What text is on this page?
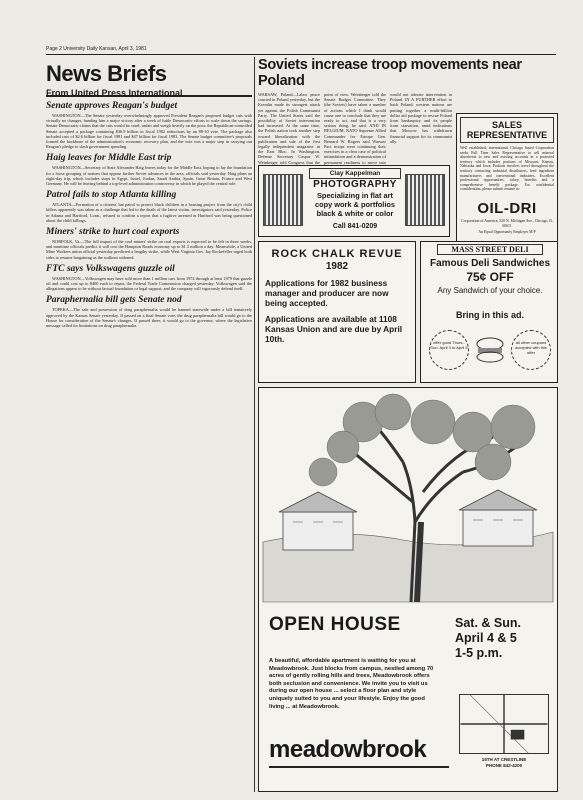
Page 2 University Daily Kansan, April 3, 1981
News Briefs
From United Press International
Senate approves Reagan's budget

WASHINGTON—The Senate yesterday overwhelmingly approved President Reagan's proposed budget cuts with virtually no changes, handing him a major victory after a week of futile Democratic efforts to scale down the savings. Senate Democratic claims that the cuts would be cruel, unfair and weigh heavily on the poor, the Republican-controlled Senate accepted a package containing $36.9 billion in fiscal 1982 reductions by an 88-10 vote. The package also included cuts of $2.6 billion for fiscal 1981 and $47 billion for fiscal 1983. The Senate budget committee's proposals formed the backbone of the administration's economic recovery plan, and the vote was a major step in carrying out Reagan's pledge to slash government spending.

Haig leaves for Middle East trip

WASHINGTON—Secretary of State Alexander Haig leaves today for the Middle East, hoping to lay the foundation for a loose grouping of nations that oppose further Soviet advances in the area, officials said yesterday. Haig plans an eight-day trip, which includes stops in Egypt, Israel, Jordan, Saudi Arabia, Spain, Great Britain, France and West Germany. He will be leaving behind a top-level administration controversy in which he played the central role.

Patrol fails to stop Atlanta killing

ATLANTA—Formation of a citizens' bat patrol to protect black children in a housing project from the city's child killers apparently was taken as a challenge that led to the death of the latest victim, investigators said yesterday. Police in Atlanta and Hartford, Conn., refused to confirm a report that a fugitive arrested in Hartford was being questioned about the child killings.

Miners' strike to hurt coal exports

NORFOLK, Va.—The full impact of the coal miners' strike on coal exports is expected to be felt in three weeks, and maritime officials predict it will cost the Hampton Roads economy up to $1.3 million a day. Meanwhile, a United Mine Workers union official yesterday predicted a lengthy strike, while West Virginia Gov. Jay Rockefeller urged both sides to resume bargaining as the walkout widened.

FTC says Volkswagens guzzle oil

WASHINGTON—Volkswagen may have sold more than 1 million cars from 1974 through at least 1979 that guzzle oil and could cost up to $400 each to repair, the Federal Trade Commission charged yesterday. Volkswagen said the allegations appear to be without factual foundation or legal support, and the company will vigorously defend itself.

Paraphernalia bill gets Senate nod

TOPEKA—The sale and possession of drug paraphernalia would be banned statewide under a bill tentatively approved by the Kansas Senate yesterday. If passed on a final Senate vote, the drug paraphernalia bill would go to the House for consideration of the Senate's changes. If passed there, it would go to the governor, where the legislative message called for limitations on drug paraphernalia.

Soviets increase troop movements near Poland
WARSAW, Poland—Labor peace courted in Poland yesterday, but the Kremlin made its strongest attack yet against the Polish Communist Party. The United States said the possibility of Soviet intervention had increased. At the same time, the Polish nation took another step toward liberalization with the publication and sale of the first legally independent magazine in the East Bloc. In Washington, Defense Secretary Caspar W. Weinberger told Congress that the
point of view, Weinberger told the Senate Budget Committee. They (the Soviets) have taken a number of actions which I think would cause one to conclude that they are ready to act, and that is a very serious thing, he said. AND IN BELGIUM, NATO Supreme Allied Commander for Europe Gen. Bernard W. Rogers said Warsaw Pact troops were continuing their exercises in a clear case of political intimidation and a demonstration of permanent readiness to move into
would not tolerate intervention in Poland. IN A FURTHER effort to back Poland, western nations are putting together a multi-billion dollar aid package to rescue Poland from bankruptcy and its people from starvation, amid indications that Moscow has withdrawn financial support for its communist ally.
SALES
REPRESENTATIVE
Well established, international Chicago based Corporation seeks Full Time Sales Representative to sell mineral absorbents to new and existing accounts in a protected territory which includes portions of Missouri, Kansas, Nebraska and Iowa. Position involves travel throughout the territory contacting industrial distributors, feed ingredient manufacturers and conventional industries. Excellent professional opportunities, salary, benefits and a comprehensive benefit package. For confidential consideration, please submit resume to:
OIL-DRI
Corporation of America, 520 N. Michigan Ave., Chicago, IL 60611
An Equal Opportunity Employer M/F
Clay Kappelman
PHOTOGRAPHY
Specializing in flat art
copy work & portfolios
black & white or color
Call 841-0209
ROCK CHALK REVUE
1982
Applications for 1982 business manager and producer are now being accepted.
Applications are available at 1108 Kansas Union and are due by April 10th.
MASS STREET DELI
Famous Deli Sandwiches
75¢ OFF
Any Sandwich of your choice.
Bring in this ad.
offer good Thurs.-Sun. April 3 to April 5
all other coupons accepted with this offer
OPEN HOUSE	Sat. & Sun.
April 4 & 5
1-5 p.m.
A beautiful, affordable apartment is waiting for you at Meadowbrook. Just blocks from campus, nestled among 70 acres of gently rolling hills and trees, Meadowbrook offers both seclusion and convenience. We invite you to visit us during our open house ... select a floor plan and style uniquely suited to you and your lifestyle. Enjoy the good living ... at Meadowbrook.
meadowbrook	15TH AT CRESTLINE
PHONE 842-4200
